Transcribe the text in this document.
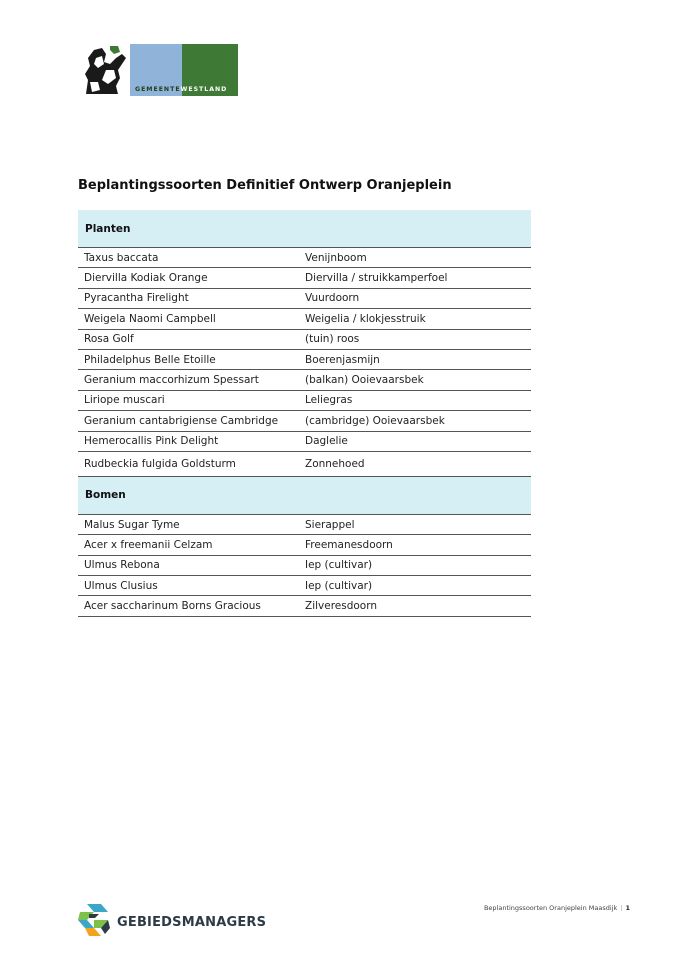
GEMEENTEWESTLAND
Beplantingssoorten Definitief Ontwerp Oranjeplein
Planten
Taxus baccata	Venijnboom
Diervilla Kodiak Orange	Diervilla / struikkamperfoel
Pyracantha Firelight	Vuurdoorn
Weigela Naomi Campbell	Weigelia / klokjesstruik
Rosa Golf	(tuin) roos
Philadelphus Belle Etoille	Boerenjasmijn
Geranium maccorhizum Spessart	(balkan) Ooievaarsbek
Liriope muscari	Leliegras
Geranium cantabrigiense Cambridge	(cambridge) Ooievaarsbek
Hemerocallis Pink Delight	Daglelie
Rudbeckia fulgida Goldsturm	Zonnehoed
Bomen
Malus Sugar Tyme	Sierappel
Acer x freemanii Celzam	Freemanesdoorn
Ulmus Rebona	Iep (cultivar)
Ulmus Clusius	Iep (cultivar)
Acer saccharinum Borns Gracious	Zilveresdoorn
GEBIEDSMANAGERS
Beplantingssoorten Oranjeplein Maasdijk | 1
